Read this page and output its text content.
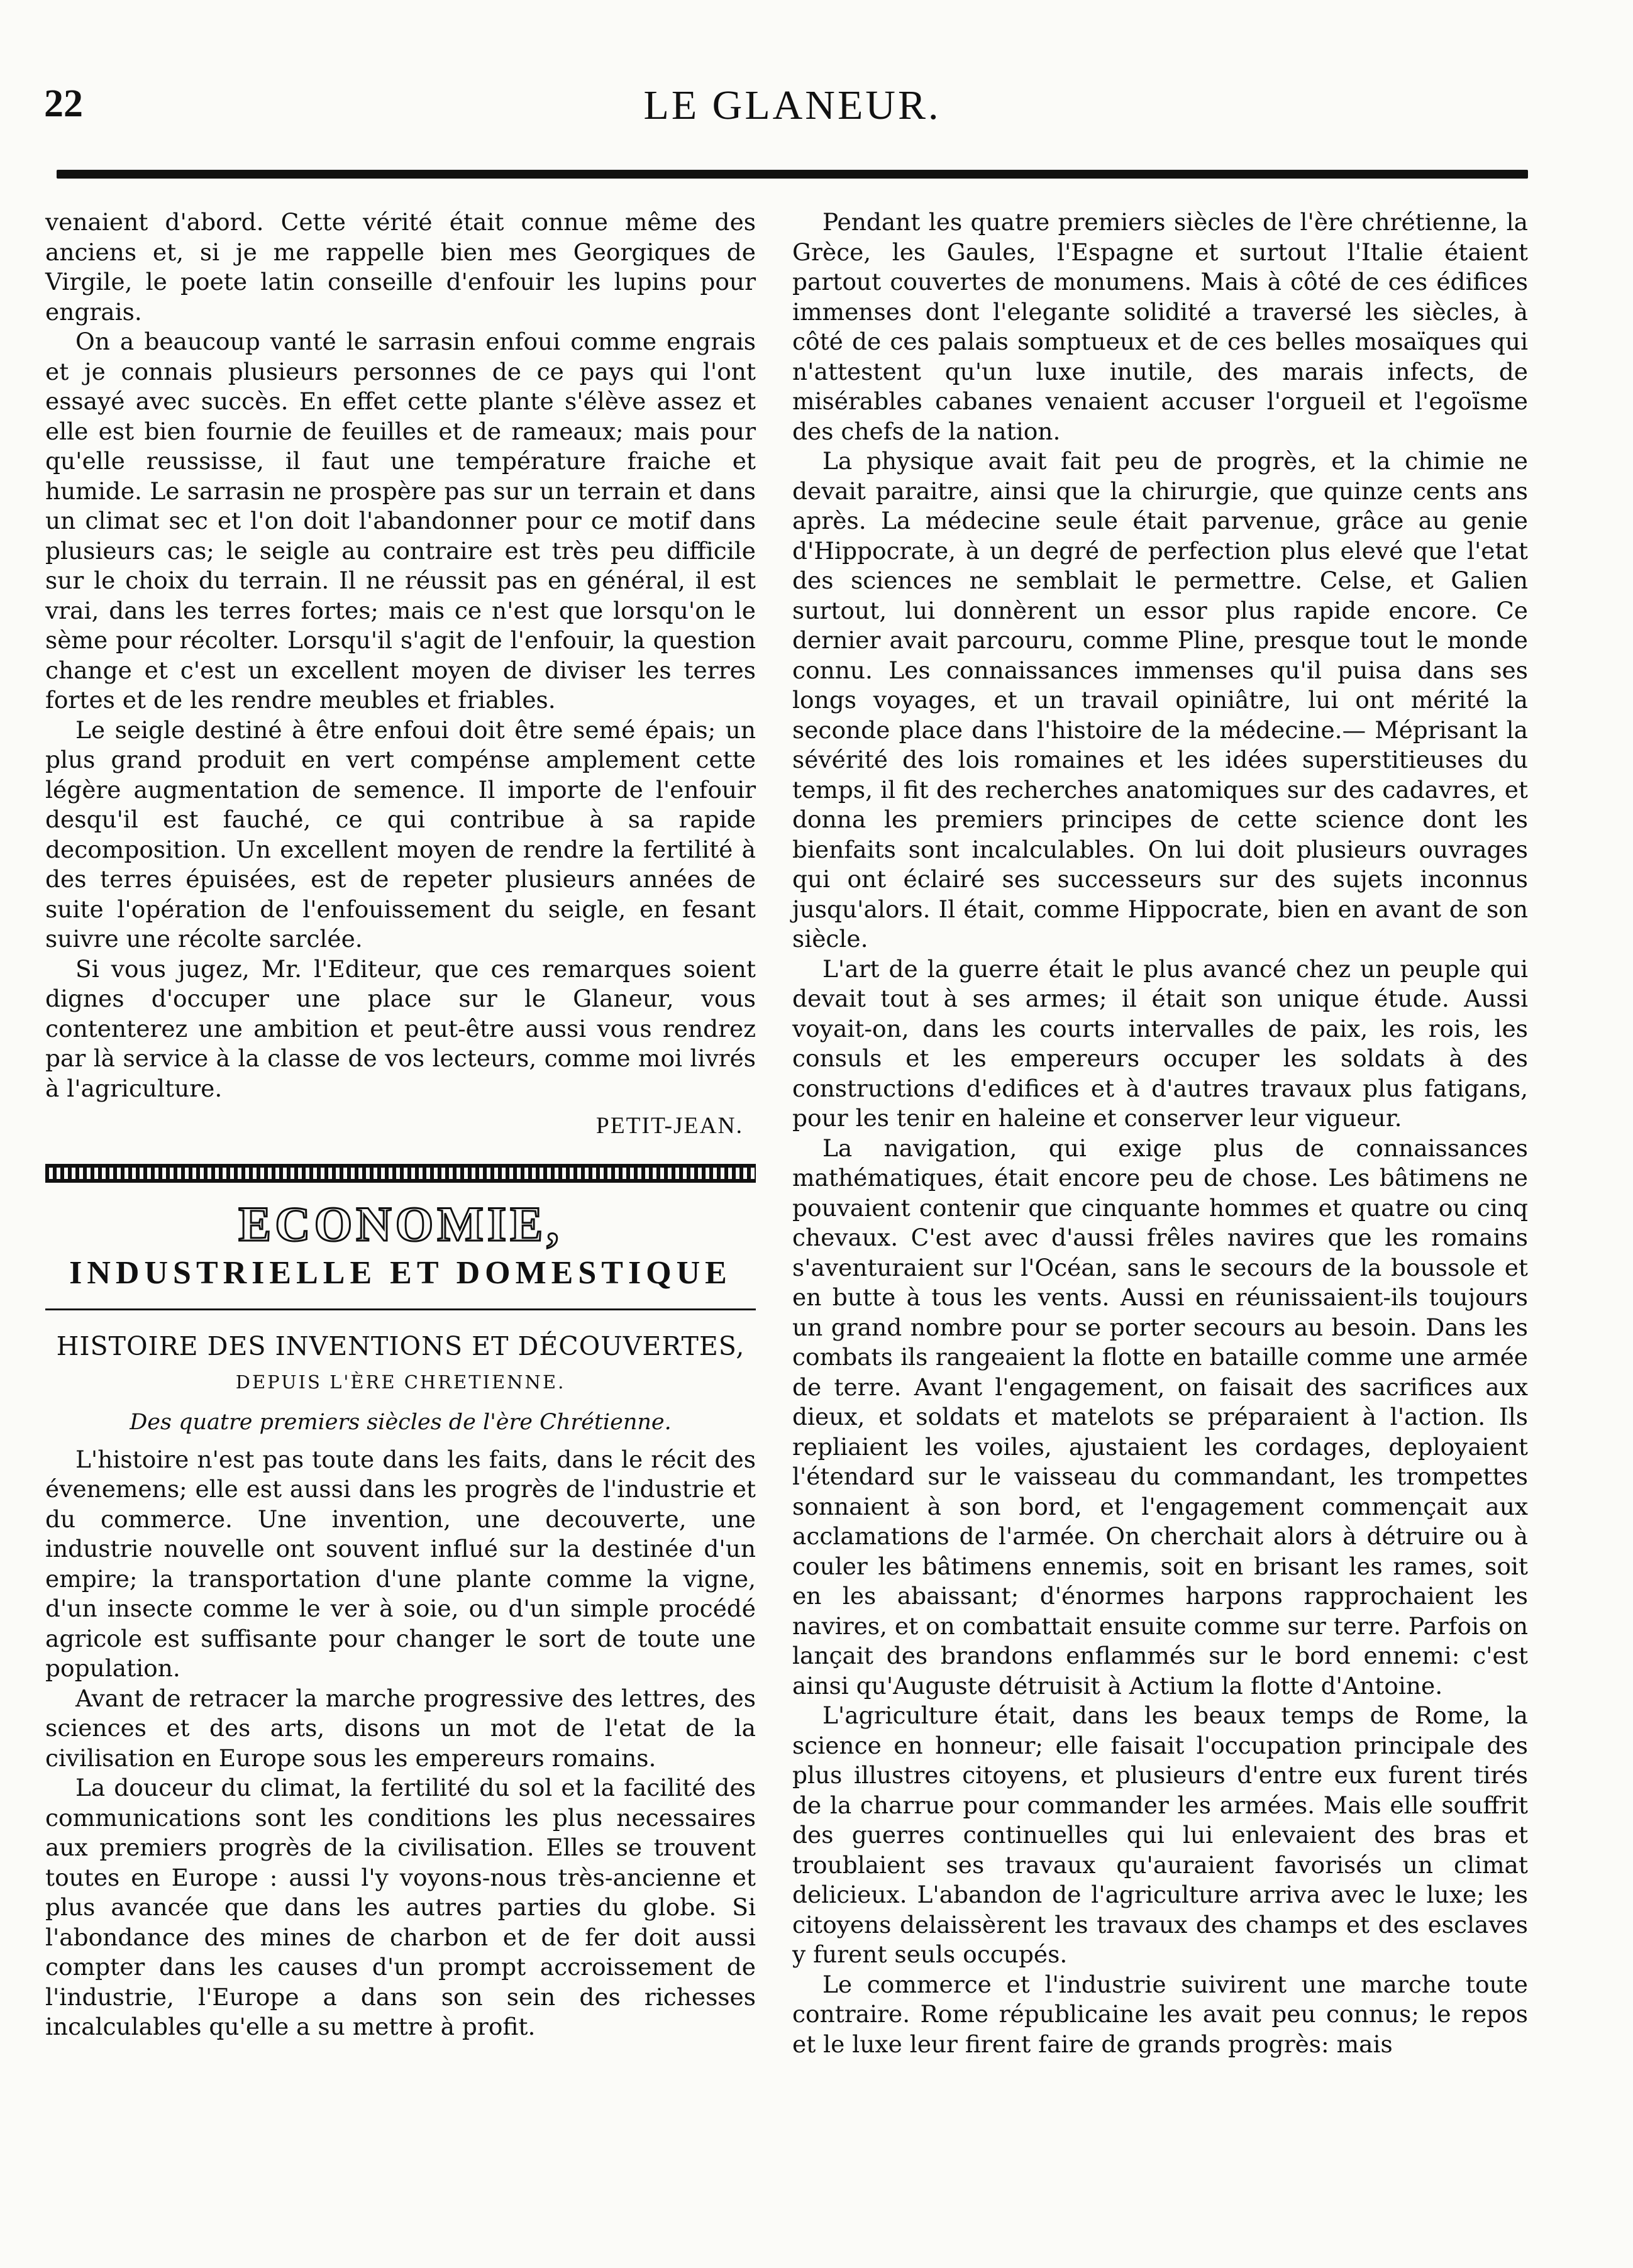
22	LE GLANEUR.

venaient d'abord. Cette vérité était connue même des anciens et, si je me rappelle bien mes Georgiques de Virgile, le poete latin conseille d'enfouir les lupins pour engrais.

On a beaucoup vanté le sarrasin enfoui comme engrais et je connais plusieurs personnes de ce pays qui l'ont essayé avec succès. En effet cette plante s'élève assez et elle est bien fournie de feuilles et de rameaux; mais pour qu'elle reussisse, il faut une température fraiche et humide. Le sarrasin ne prospère pas sur un terrain et dans un climat sec et l'on doit l'abandonner pour ce motif dans plusieurs cas; le seigle au contraire est très peu difficile sur le choix du terrain. Il ne réussit pas en général, il est vrai, dans les terres fortes; mais ce n'est que lorsqu'on le sème pour récolter. Lorsqu'il s'agit de l'enfouir, la question change et c'est un excellent moyen de diviser les terres fortes et de les rendre meubles et friables.

Le seigle destiné à être enfoui doit être semé épais; un plus grand produit en vert compénse amplement cette légère augmentation de semence. Il importe de l'enfouir desqu'il est fauché, ce qui contribue à sa rapide decomposition. Un excellent moyen de rendre la fertilité à des terres épuisées, est de repeter plusieurs années de suite l'opération de l'enfouissement du seigle, en fesant suivre une récolte sarclée.

Si vous jugez, Mr. l'Editeur, que ces remarques soient dignes d'occuper une place sur le Glaneur, vous contenterez une ambition et peut-être aussi vous rendrez par là service à la classe de vos lecteurs, comme moi livrés à l'agriculture.

PETIT-JEAN.

ECONOMIE,
INDUSTRIELLE ET DOMESTIQUE
HISTOIRE DES INVENTIONS ET DÉCOUVERTES,
DEPUIS L'ÈRE CHRETIENNE.
Des quatre premiers siècles de l'ère Chrétienne.

L'histoire n'est pas toute dans les faits, dans le récit des évenemens; elle est aussi dans les progrès de l'industrie et du commerce. Une invention, une decouverte, une industrie nouvelle ont souvent influé sur la destinée d'un empire; la transportation d'une plante comme la vigne, d'un insecte comme le ver à soie, ou d'un simple procédé agricole est suffisante pour changer le sort de toute une population.

Avant de retracer la marche progressive des lettres, des sciences et des arts, disons un mot de l'etat de la civilisation en Europe sous les empereurs romains.

La douceur du climat, la fertilité du sol et la facilité des communications sont les conditions les plus necessaires aux premiers progrès de la civilisation. Elles se trouvent toutes en Europe : aussi l'y voyons-nous très-ancienne et plus avancée que dans les autres parties du globe. Si l'abondance des mines de charbon et de fer doit aussi compter dans les causes d'un prompt accroissement de l'industrie, l'Europe a dans son sein des richesses incalculables qu'elle a su mettre à profit.

Pendant les quatre premiers siècles de l'ère chrétienne, la Grèce, les Gaules, l'Espagne et surtout l'Italie étaient partout couvertes de monumens. Mais à côté de ces édifices immenses dont l'elegante solidité a traversé les siècles, à côté de ces palais somptueux et de ces belles mosaïques qui n'attestent qu'un luxe inutile, des marais infects, de misérables cabanes venaient accuser l'orgueil et l'egoïsme des chefs de la nation.

La physique avait fait peu de progrès, et la chimie ne devait paraitre, ainsi que la chirurgie, que quinze cents ans après. La médecine seule était parvenue, grâce au genie d'Hippocrate, à un degré de perfection plus elevé que l'etat des sciences ne semblait le permettre. Celse, et Galien surtout, lui donnèrent un essor plus rapide encore. Ce dernier avait parcouru, comme Pline, presque tout le monde connu. Les connaissances immenses qu'il puisa dans ses longs voyages, et un travail opiniâtre, lui ont mérité la seconde place dans l'histoire de la médecine.— Méprisant la sévérité des lois romaines et les idées superstitieuses du temps, il fit des recherches anatomiques sur des cadavres, et donna les premiers principes de cette science dont les bienfaits sont incalculables. On lui doit plusieurs ouvrages qui ont éclairé ses successeurs sur des sujets inconnus jusqu'alors. Il était, comme Hippocrate, bien en avant de son siècle.

L'art de la guerre était le plus avancé chez un peuple qui devait tout à ses armes; il était son unique étude. Aussi voyait-on, dans les courts intervalles de paix, les rois, les consuls et les empereurs occuper les soldats à des constructions d'edifices et à d'autres travaux plus fatigans, pour les tenir en haleine et conserver leur vigueur.

La navigation, qui exige plus de connaissances mathématiques, était encore peu de chose. Les bâtimens ne pouvaient contenir que cinquante hommes et quatre ou cinq chevaux. C'est avec d'aussi frêles navires que les romains s'aventuraient sur l'Océan, sans le secours de la boussole et en butte à tous les vents. Aussi en réunissaient-ils toujours un grand nombre pour se porter secours au besoin. Dans les combats ils rangeaient la flotte en bataille comme une armée de terre. Avant l'engagement, on faisait des sacrifices aux dieux, et soldats et matelots se préparaient à l'action. Ils repliaient les voiles, ajustaient les cordages, deployaient l'étendard sur le vaisseau du commandant, les trompettes sonnaient à son bord, et l'engagement commençait aux acclamations de l'armée. On cherchait alors à détruire ou à couler les bâtimens ennemis, soit en brisant les rames, soit en les abaissant; d'énormes harpons rapprochaient les navires, et on combattait ensuite comme sur terre. Parfois on lançait des brandons enflammés sur le bord ennemi: c'est ainsi qu'Auguste détruisit à Actium la flotte d'Antoine.

L'agriculture était, dans les beaux temps de Rome, la science en honneur; elle faisait l'occupation principale des plus illustres citoyens, et plusieurs d'entre eux furent tirés de la charrue pour commander les armées. Mais elle souffrit des guerres continuelles qui lui enlevaient des bras et troublaient ses travaux qu'auraient favorisés un climat delicieux. L'abandon de l'agriculture arriva avec le luxe; les citoyens delaissèrent les travaux des champs et des esclaves y furent seuls occupés.

Le commerce et l'industrie suivirent une marche toute contraire. Rome républicaine les avait peu connus; le repos et le luxe leur firent faire de grands progrès: mais
